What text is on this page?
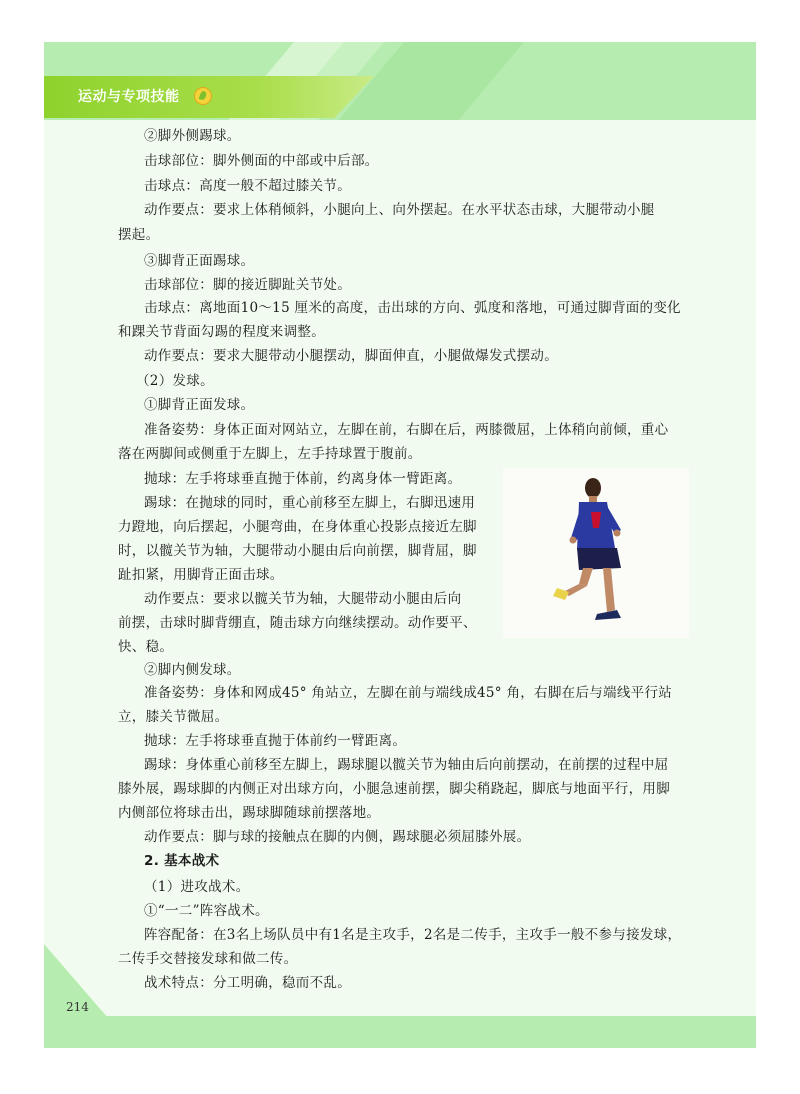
运动与专项技能
②脚外侧踢球。
击球部位：脚外侧面的中部或中后部。
击球点：高度一般不超过膝关节。
动作要点：要求上体稍倾斜，小腿向上、向外摆起。在水平状态击球，大腿带动小腿
摆起。
③脚背正面踢球。
击球部位：脚的接近脚趾关节处。
击球点：离地面10～15 厘米的高度，击出球的方向、弧度和落地，可通过脚背面的变化
和踝关节背面勾踢的程度来调整。
动作要点：要求大腿带动小腿摆动，脚面伸直，小腿做爆发式摆动。
（2）发球。
①脚背正面发球。
准备姿势：身体正面对网站立，左脚在前，右脚在后，两膝微屈，上体稍向前倾，重心
落在两脚间或侧重于左脚上，左手持球置于腹前。
抛球：左手将球垂直抛于体前，约离身体一臂距离。
踢球：在抛球的同时，重心前移至左脚上，右脚迅速用
力蹬地，向后摆起，小腿弯曲，在身体重心投影点接近左脚
时，以髋关节为轴，大腿带动小腿由后向前摆，脚背屈，脚
趾扣紧，用脚背正面击球。
动作要点：要求以髋关节为轴，大腿带动小腿由后向
前摆，击球时脚背绷直，随击球方向继续摆动。动作要平、
快、稳。
②脚内侧发球。
准备姿势：身体和网成45° 角站立，左脚在前与端线成45° 角，右脚在后与端线平行站
立，膝关节微屈。
抛球：左手将球垂直抛于体前约一臂距离。
踢球：身体重心前移至左脚上，踢球腿以髋关节为轴由后向前摆动，在前摆的过程中屈
膝外展，踢球脚的内侧正对出球方向，小腿急速前摆，脚尖稍跷起，脚底与地面平行，用脚
内侧部位将球击出，踢球脚随球前摆落地。
动作要点：脚与球的接触点在脚的内侧，踢球腿必须屈膝外展。
2. 基本战术
（1）进攻战术。
①“一二”阵容战术。
阵容配备：在3名上场队员中有1名是主攻手，2名是二传手，主攻手一般不参与接发球，
二传手交替接发球和做二传。
战术特点：分工明确，稳而不乱。
214
